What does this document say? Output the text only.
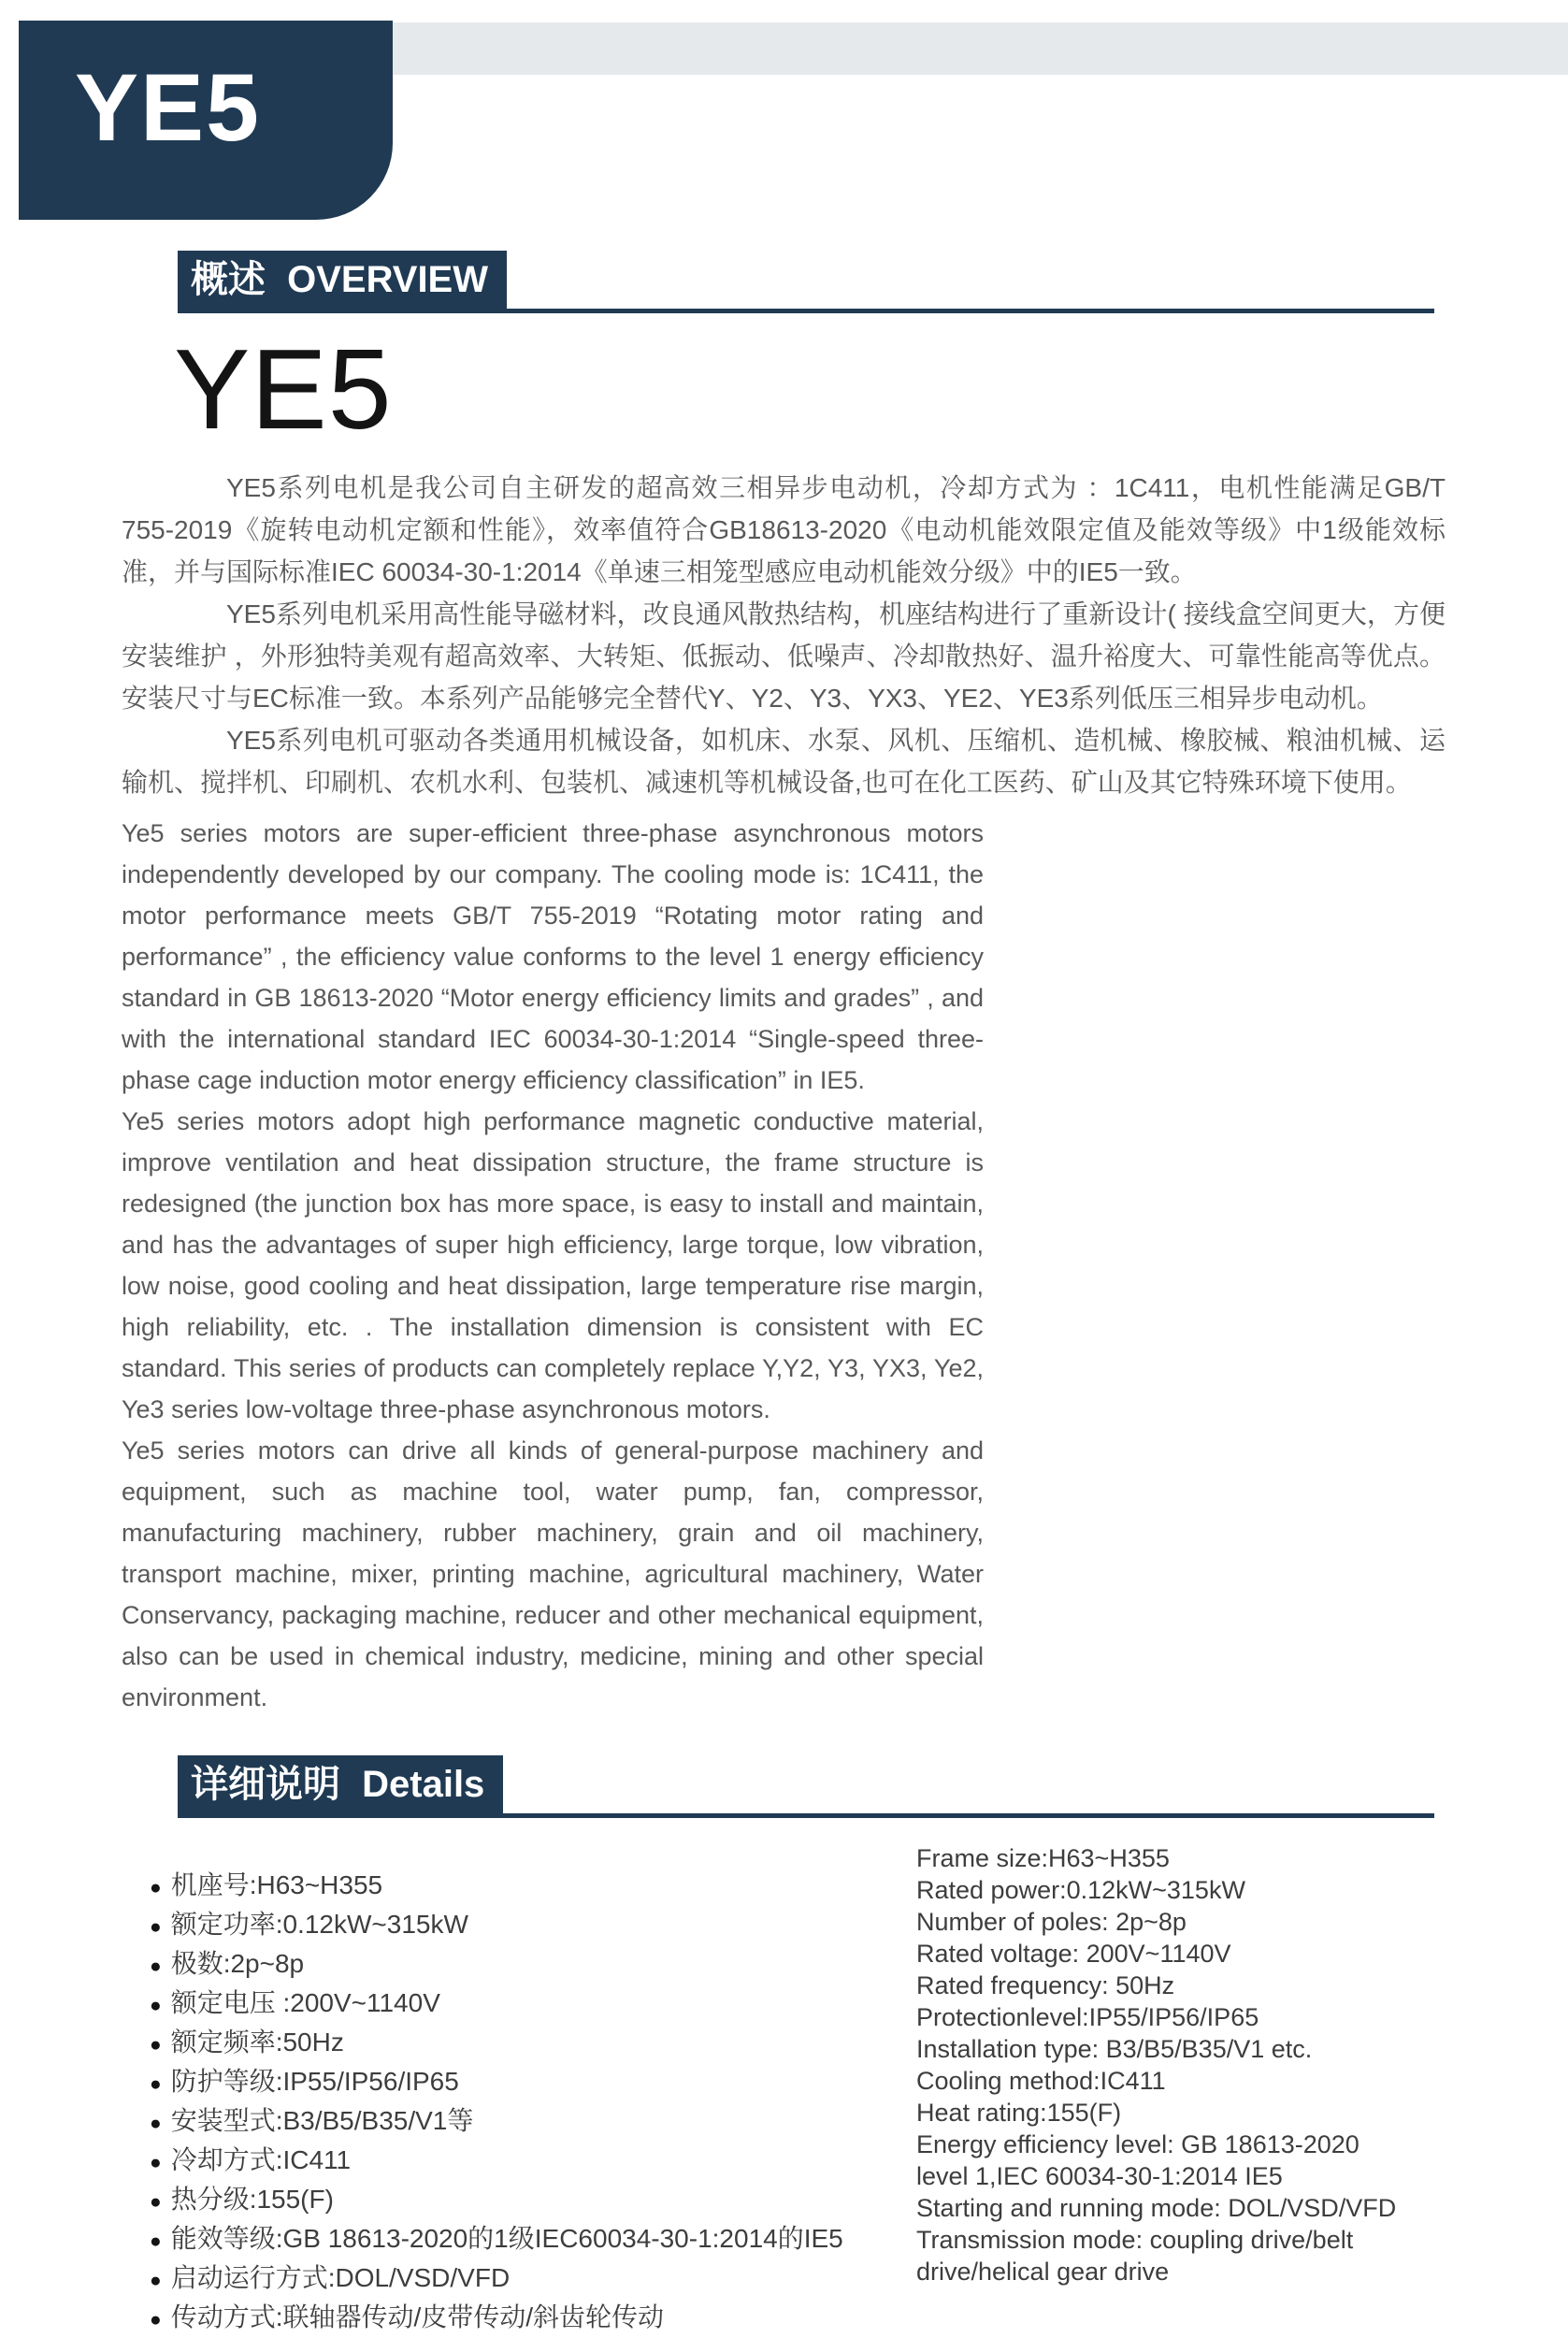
YE5
概述 OVERVIEW
YE5

YE5系列电机是我公司自主研发的超高效三相异步电动机，冷却方式为 ：1C411，电机性能满足GB/T 755-2019《旋转电动机定额和性能》，效率值符合GB18613-2020《电动机能效限定值及能效等级》中1级能效标准，并与国际标准IEC 60034-30-1:2014《单速三相笼型感应电动机能效分级》中的IE5一致。

YE5系列电机采用高性能导磁材料，改良通风散热结构，机座结构进行了重新设计( 接线盒空间更大，方便安装维护 ，外形独特美观有超高效率、大转矩、低振动、低噪声、冷却散热好、温升裕度大、可靠性能高等优点。安装尺寸与EC标准一致。本系列产品能够完全替代Y、Y2、Y3、YX3、YE2、YE3系列低压三相异步电动机。

YE5系列电机可驱动各类通用机械设备，如机床、水泵、风机、压缩机、造机械、橡胶械、粮油机械、运输机、搅拌机、印刷机、农机水利、包装机、减速机等机械设备,也可在化工医药、矿山及其它特殊环境下使用。

Ye5 series motors are super-efficient three-phase asynchronous motors independently developed by our company. The cooling mode is: 1C411, the motor performance meets GB/T 755-2019 “Rotating motor rating and performance” , the efficiency value conforms to the level 1 energy efficiency standard in GB 18613-2020 “Motor energy efficiency limits and grades” , and with the international standard IEC 60034-30-1:2014 “Single-speed three-phase cage induction motor energy efficiency classification” in IE5.

Ye5 series motors adopt high performance magnetic conductive material, improve ventilation and heat dissipation structure, the frame structure is redesigned (the junction box has more space, is easy to install and maintain, and has the advantages of super high efficiency, large torque, low vibration, low noise, good cooling and heat dissipation, large temperature rise margin, high reliability, etc. . The installation dimension is consistent with EC standard. This series of products can completely replace Y,Y2, Y3, YX3, Ye2, Ye3 series low-voltage three-phase asynchronous motors.

Ye5 series motors can drive all kinds of general-purpose machinery and equipment, such as machine tool, water pump, fan, compressor, manufacturing machinery, rubber machinery, grain and oil machinery, transport machine, mixer, printing machine, agricultural machinery, Water Conservancy, packaging machine, reducer and other mechanical equipment, also can be used in chemical industry, medicine, mining and other special environment.

详细说明 Details
● 机座号:H63~H355
● 额定功率:0.12kW~315kW
● 极数:2p~8p
● 额定电压 :200V~1140V
● 额定频率:50Hz
● 防护等级:IP55/IP56/IP65
● 安装型式:B3/B5/B35/V1等
● 冷却方式:IC411
● 热分级:155(F)
● 能效等级:GB 18613-2020的1级IEC60034-30-1:2014的IE5
● 启动运行方式:DOL/VSD/VFD
● 传动方式:联轴器传动/皮带传动/斜齿轮传动
Frame size:H63~H355
Rated power:0.12kW~315kW
Number of poles: 2p~8p
Rated voltage: 200V~1140V
Rated frequency: 50Hz
Protectionlevel:IP55/IP56/IP65
Installation type: B3/B5/B35/V1 etc.
Cooling method:IC411
Heat rating:155(F)
Energy efficiency level: GB 18613-2020
level 1,IEC 60034-30-1:2014 IE5
Starting and running mode: DOL/VSD/VFD
Transmission mode: coupling drive/belt
drive/helical gear drive
